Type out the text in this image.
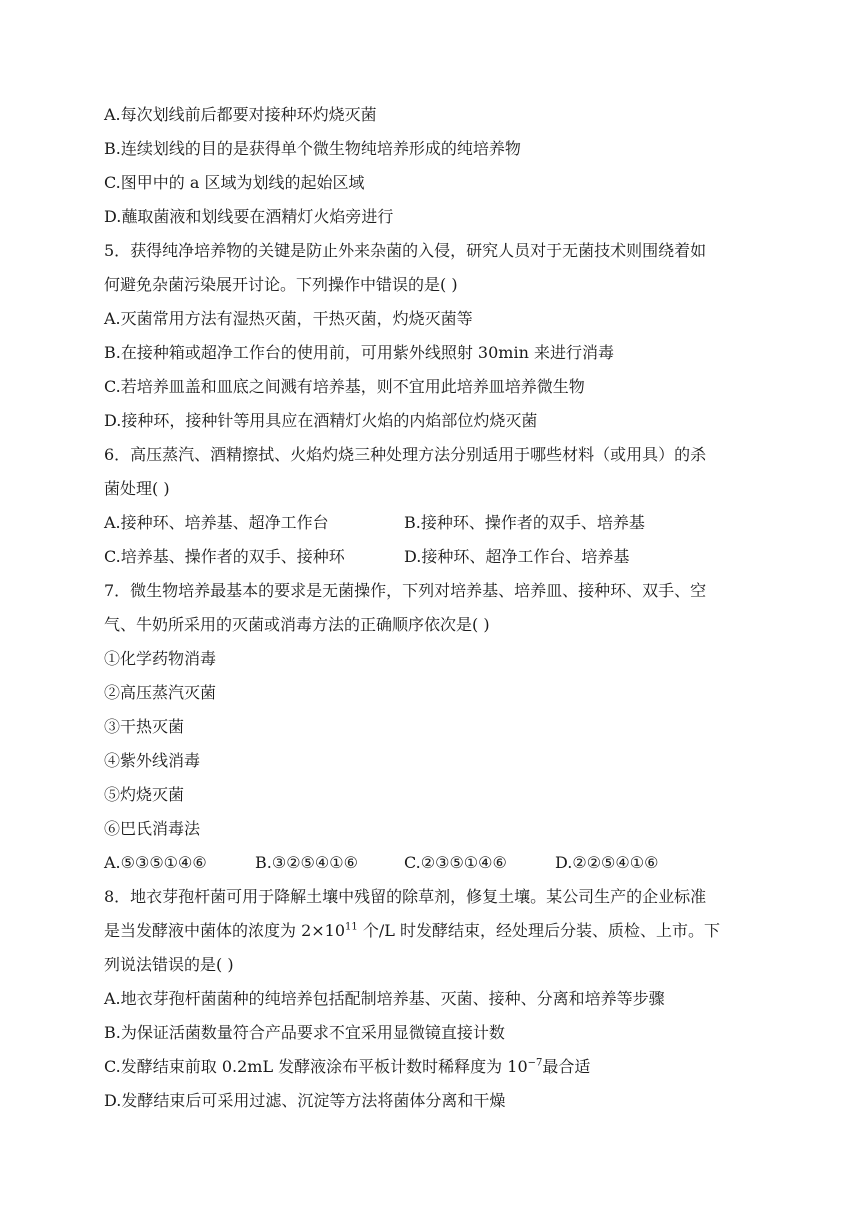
A.每次划线前后都要对接种环灼烧灭菌
B.连续划线的目的是获得单个微生物纯培养形成的纯培养物
C.图甲中的 a 区域为划线的起始区域
D.蘸取菌液和划线要在酒精灯火焰旁进行
5．获得纯净培养物的关键是防止外来杂菌的入侵，研究人员对于无菌技术则围绕着如
何避免杂菌污染展开讨论。下列操作中错误的是( )
A.灭菌常用方法有湿热灭菌，干热灭菌，灼烧灭菌等
B.在接种箱或超净工作台的使用前，可用紫外线照射 30min 来进行消毒
C.若培养皿盖和皿底之间溅有培养基，则不宜用此培养皿培养微生物
D.接种环，接种针等用具应在酒精灯火焰的内焰部位灼烧灭菌
6．高压蒸汽、酒精擦拭、火焰灼烧三种处理方法分别适用于哪些材料（或用具）的杀
菌处理( )
A.接种环、培养基、超净工作台	B.接种环、操作者的双手、培养基
C.培养基、操作者的双手、接种环	D.接种环、超净工作台、培养基
7．微生物培养最基本的要求是无菌操作，下列对培养基、培养皿、接种环、双手、空
气、牛奶所采用的灭菌或消毒方法的正确顺序依次是( )
①化学药物消毒
②高压蒸汽灭菌
③干热灭菌
④紫外线消毒
⑤灼烧灭菌
⑥巴氏消毒法
A.⑤③⑤①④⑥	B.③②⑤④①⑥	C.②③⑤①④⑥	D.②②⑤④①⑥
8．地衣芽孢杆菌可用于降解土壤中残留的除草剂，修复土壤。某公司生产的企业标准
是当发酵液中菌体的浓度为 $2\times 10^{11}$ 个/L 时发酵结束，经处理后分装、质检、上市。下
列说法错误的是( )
A.地衣芽孢杆菌菌种的纯培养包括配制培养基、灭菌、接种、分离和培养等步骤
B.为保证活菌数量符合产品要求不宜采用显微镜直接计数
C.发酵结束前取 0.2mL 发酵液涂布平板计数时稀释度为 $10^{-7}$最合适
D.发酵结束后可采用过滤、沉淀等方法将菌体分离和干燥
